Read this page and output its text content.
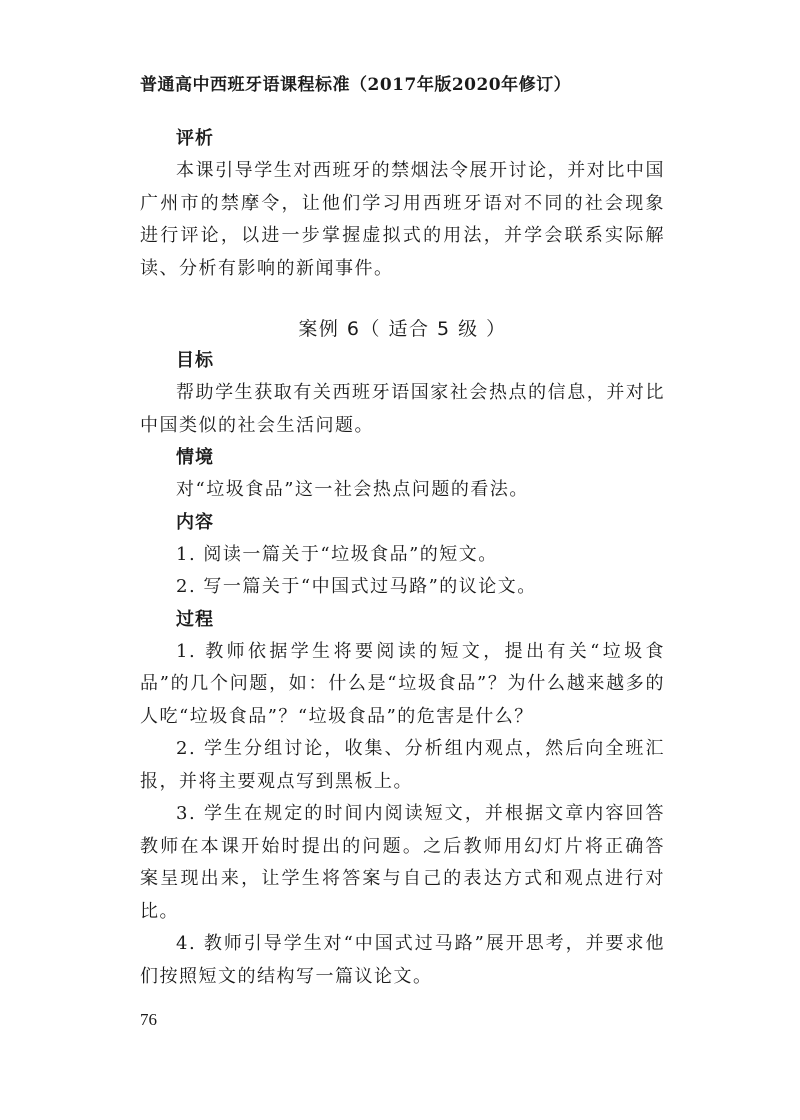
普通高中西班牙语课程标准（2017年版2020年修订）
评析

本课引导学生对西班牙的禁烟法令展开讨论，并对比中国广州市的禁摩令，让他们学习用西班牙语对不同的社会现象进行评论，以进一步掌握虚拟式的用法，并学会联系实际解读、分析有影响的新闻事件。

案例 6（ 适合 5 级 ）

目标

帮助学生获取有关西班牙语国家社会热点的信息，并对比中国类似的社会生活问题。

情境

对“垃圾食品”这一社会热点问题的看法。

内容

1. 阅读一篇关于“垃圾食品”的短文。

2. 写一篇关于“中国式过马路”的议论文。

过程

1. 教师依据学生将要阅读的短文，提出有关“垃圾食品”的几个问题，如：什么是“垃圾食品”？为什么越来越多的人吃“垃圾食品”？“垃圾食品”的危害是什么？

2. 学生分组讨论，收集、分析组内观点，然后向全班汇报，并将主要观点写到黑板上。

3. 学生在规定的时间内阅读短文，并根据文章内容回答教师在本课开始时提出的问题。之后教师用幻灯片将正确答案呈现出来，让学生将答案与自己的表达方式和观点进行对比。

4. 教师引导学生对“中国式过马路”展开思考，并要求他们按照短文的结构写一篇议论文。

76
